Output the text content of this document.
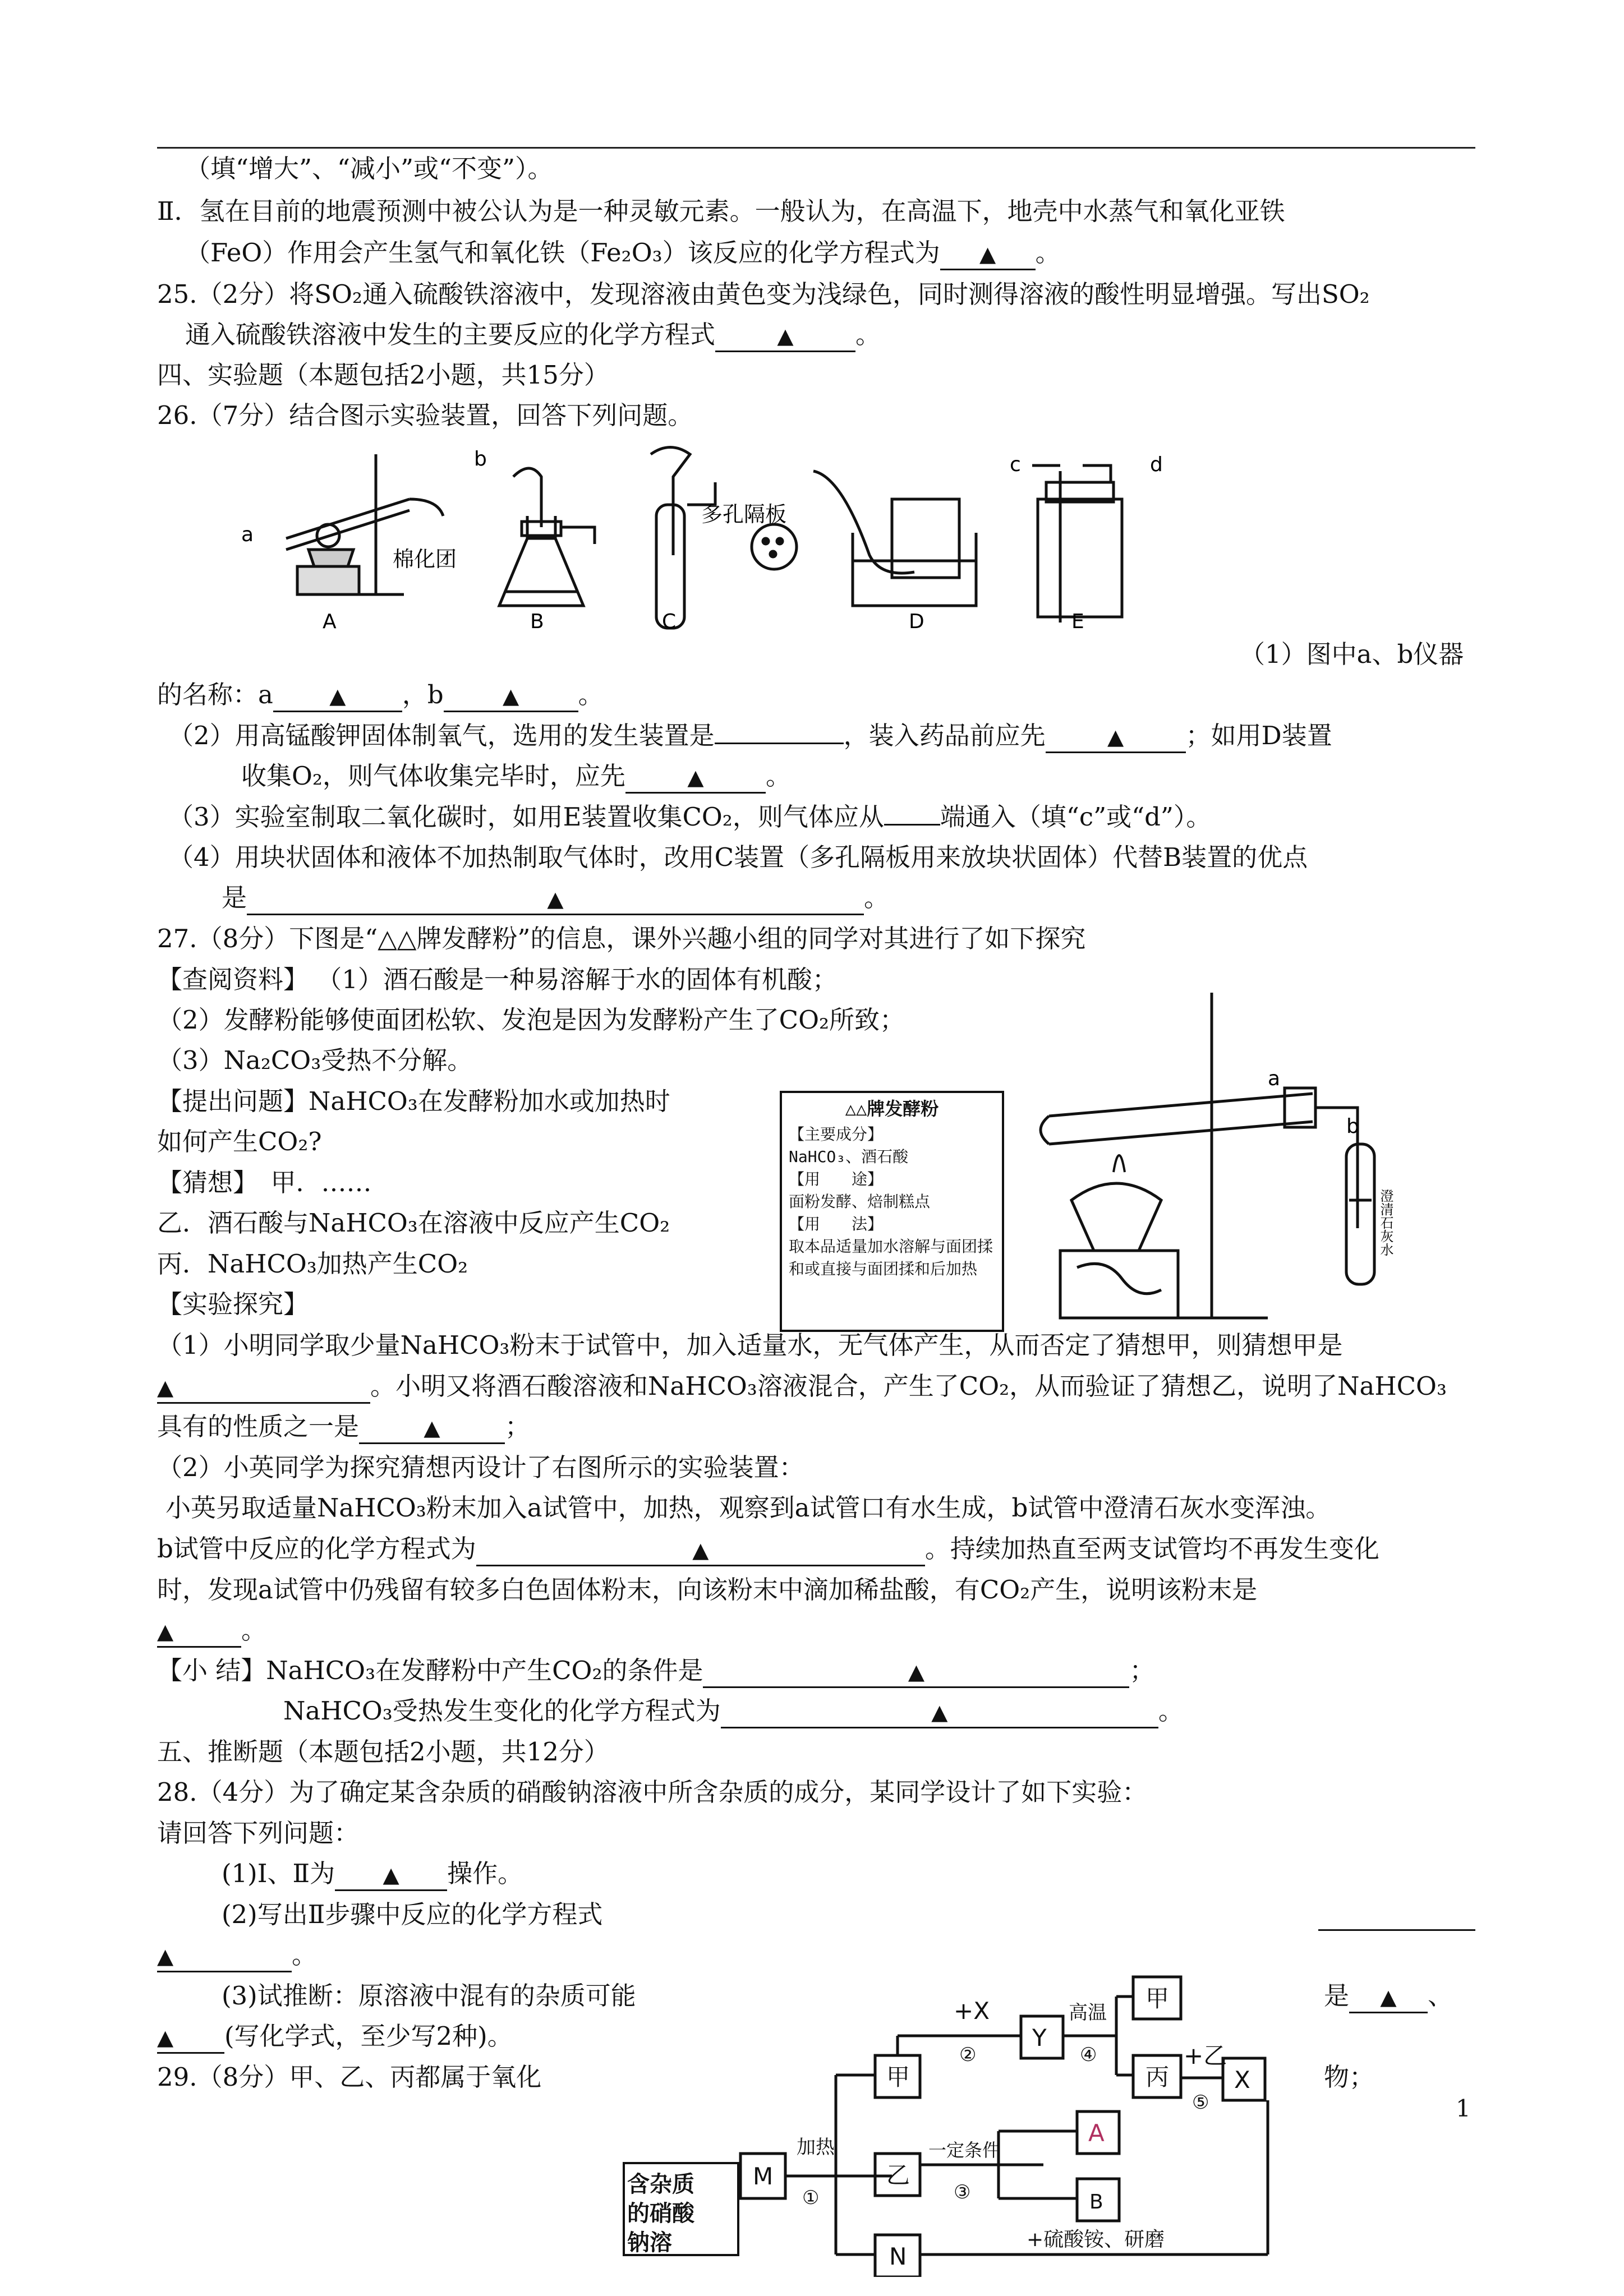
（填“增大”、“减小”或“不变”）。
Ⅱ．氢在目前的地震预测中被公认为是一种灵敏元素。一般认为，在高温下，地壳中水蒸气和氧化亚铁
（FeO）作用会产生氢气和氧化铁（Fe₂O₃）该反应的化学方程式为 ▲ 。
25.（2分）将SO₂通入硫酸铁溶液中，发现溶液由黄色变为浅绿色，同时测得溶液的酸性明显增强。写出SO₂
通入硫酸铁溶液中发生的主要反应的化学方程式	▲ 。
四、实验题（本题包括2小题，共15分）
26.（7分）结合图示实验装置，回答下列问题。
a
b	c	d
棉化团
多孔隔板
A	B	C	D	E
（1）图中a、b仪器
的名称：a	▲ ，b	▲ 。
（2）用高锰酸钾固体制氧气，选用的发生装置是	，装入药品前应先	▲ ；如用D装置
收集O₂，则气体收集完毕时，应先	▲ 。
（3）实验室制取二氧化碳时，如用E装置收集CO₂，则气体应从 端通入（填“c”或“d”）。
（4）用块状固体和液体不加热制取气体时，改用C装置（多孔隔板用来放块状固体）代替B装置的优点
是	▲	。
27.（8分）下图是“△△牌发酵粉”的信息，课外兴趣小组的同学对其进行了如下探究
【查阅资料】 （1）酒石酸是一种易溶解于水的固体有机酸；
（2）发酵粉能够使面团松软、发泡是因为发酵粉产生了CO₂所致；
（3）Na₂CO₃受热不分解。
【提出问题】NaHCO₃在发酵粉加水或加热时
如何产生CO₂?
【猜想】　甲．……
乙．酒石酸与NaHCO₃在溶液中反应产生CO₂
丙．NaHCO₃加热产生CO₂
【实验探究】
△△牌发酵粉
【主要成分】
NaHCO₃、酒石酸
【用　　途】
面粉发酵、焙制糕点
【用　　法】
取本品适量加水溶解与面团揉和或直接与面团揉和后加热
a
b
澄清石灰水
（1）小明同学取少量NaHCO₃粉末于试管中，加入适量水，无气体产生，从而否定了猜想甲，则猜想甲是
▲	。小明又将酒石酸溶液和NaHCO₃溶液混合，产生了CO₂，从而验证了猜想乙，说明了NaHCO₃
具有的性质之一是	▲	；
（2）小英同学为探究猜想丙设计了右图所示的实验装置：
小英另取适量NaHCO₃粉末加入a试管中，加热，观察到a试管口有水生成，b试管中澄清石灰水变浑浊。
b试管中反应的化学方程式为	▲	。持续加热直至两支试管均不再发生变化
时，发现a试管中仍残留有较多白色固体粉末，向该粉末中滴加稀盐酸，有CO₂产生，说明该粉末是
▲	。
【小 结】NaHCO₃在发酵粉中产生CO₂的条件是	▲	；
NaHCO₃受热发生变化的化学方程式为	▲	。
五、推断题（本题包括2小题，共12分）
28.（4分）为了确定某含杂质的硝酸钠溶液中所含杂质的成分，某同学设计了如下实验：
请回答下列问题：
(1)Ⅰ、Ⅱ为 ▲ 操作。
(2)写出Ⅱ步骤中反应的化学方程式
▲	。
(3)试推断：原溶液中混有的杂质可能	是 ▲ 、
▲ (写化学式，至少写2种)。
29.（8分）甲、乙、丙都属于氧化	物；
含杂质的硝酸钠溶
M
加热
①
甲
乙
N
+X
②
Y
高温
④
甲
丙
+乙
⑤
X
一定条件
③
A
B
+硫酸铵、研磨
1
